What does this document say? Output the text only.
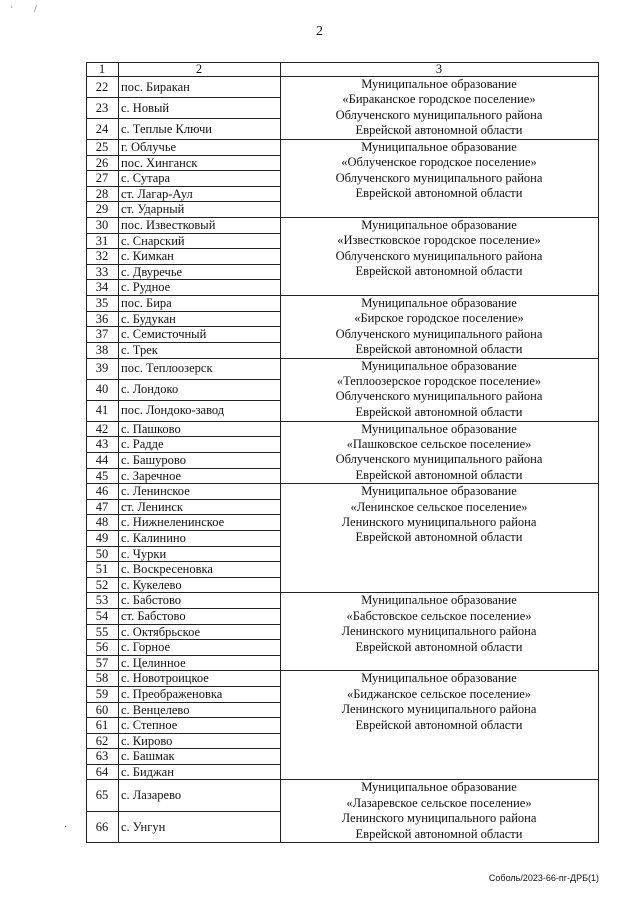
2
` /
·
1	2	3
22	пос. Биракан	Муниципальное образование
«Бираканское городское поселение»
Облученского муниципального района
Еврейской автономной области

23	с. Новый	
24	с. Теплые Ключи	
25	г. Облучье	Муниципальное образование
«Облученское городское поселение»
Облученского муниципального района
Еврейской автономной области

26	пос. Хинганск	
27	с. Сутара	
28	ст. Лагар-Аул	
29	ст. Ударный	
30	пос. Известковый	Муниципальное образование
«Известковское городское поселение»
Облученского муниципального района
Еврейской автономной области

31	с. Снарский	
32	с. Кимкан	
33	с. Двуречье	
34	с. Рудное	
35	пос. Бира	Муниципальное образование
«Бирское городское поселение»
Облученского муниципального района
Еврейской автономной области

36	с. Будукан	
37	с. Семисточный	
38	с. Трек	
39	пос. Теплоозерск	Муниципальное образование
«Теплоозерское городское поселение»
Облученского муниципального района
Еврейской автономной области

40	с. Лондоко	
41	пос. Лондоко-завод	
42	с. Пашково	Муниципальное образование
«Пашковское сельское поселение»
Облученского муниципального района
Еврейской автономной области

43	с. Радде	
44	с. Башурово	
45	с. Заречное	
46	с. Ленинское	Муниципальное образование
«Ленинское сельское поселение»
Ленинского муниципального района
Еврейской автономной области

47	ст. Ленинск	
48	с. Нижнеленинское	
49	с. Калинино	
50	с. Чурки	
51	с. Воскресеновка	
52	с. Кукелево	
53	с. Бабстово	Муниципальное образование
«Бабстовское сельское поселение»
Ленинского муниципального района
Еврейской автономной области

54	ст. Бабстово	
55	с. Октябрьское	
56	с. Горное	
57	с. Целинное	
58	с. Новотроицкое	Муниципальное образование
«Биджанское сельское поселение»
Ленинского муниципального района
Еврейской автономной области

59	с. Преображеновка	
60	с. Венцелево	
61	с. Степное	
62	с. Кирово	
63	с. Башмак	
64	с. Биджан	
65	с. Лазарево	Муниципальное образование
«Лазаревское сельское поселение»
Ленинского муниципального района
Еврейской автономной области

66	с. Унгун	
Соболь/2023-66-пг-ДРБ(1)
